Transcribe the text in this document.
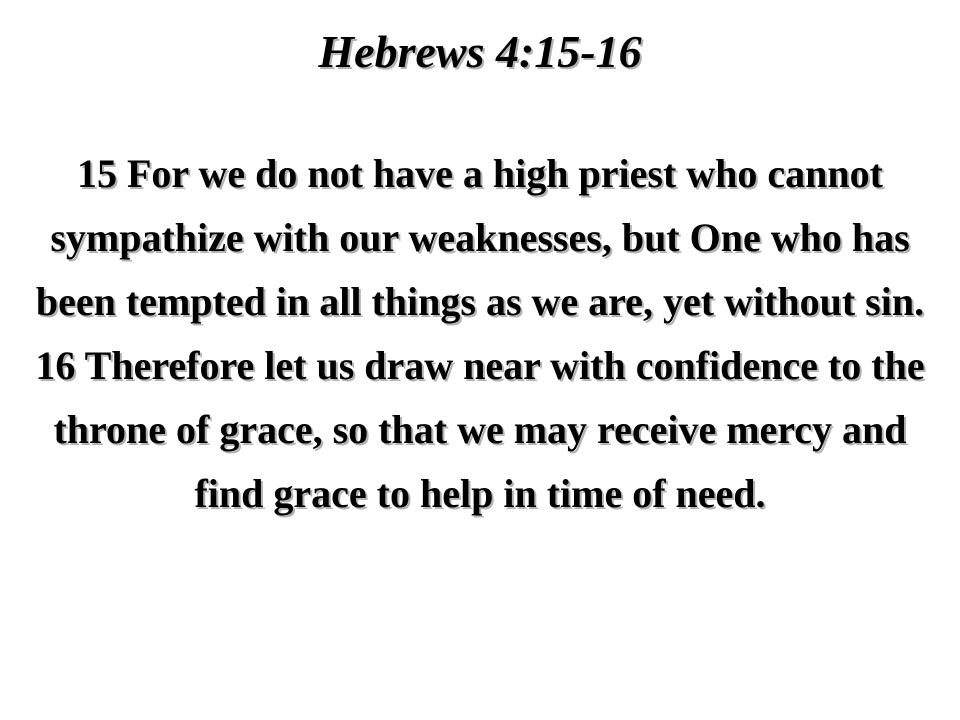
Hebrews 4:15-16
15 For we do not have a high priest who cannot sympathize with our weaknesses, but One who has been tempted in all things as we are, yet without sin. 16 Therefore let us draw near with confidence to the throne of grace, so that we may receive mercy and find grace to help in time of need.
